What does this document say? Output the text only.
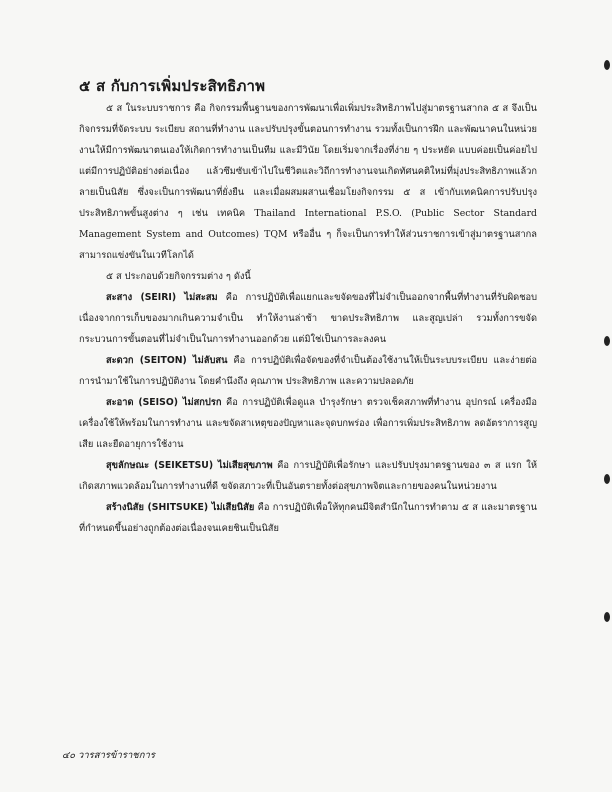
๕ ส กับการเพิ่มประสิทธิภาพ

๕ ส ในระบบราชการ คือ กิจกรรมพื้นฐานของการพัฒนาเพื่อเพิ่มประสิทธิภาพไปสู่มาตรฐานสากล ๕ ส จึงเป็นกิจกรรมที่จัดระบบ ระเบียบ สถานที่ทำงาน และปรับปรุงขั้นตอนการทำงาน รวมทั้งเป็นการฝึก และพัฒนาคนในหน่วยงานให้มีการพัฒนาตนเองให้เกิดการทำงานเป็นทีม และมีวินัย โดยเริ่มจากเรื่องที่ง่าย ๆ ประหยัด แบบค่อยเป็นค่อยไป แต่มีการปฏิบัติอย่างต่อเนื่อง แล้วซึมซับเข้าไปในชีวิตและวิถีการทำงานจนเกิดทัศนคติใหม่ที่มุ่งประสิทธิภาพแล้วกลายเป็นนิสัย ซึ่งจะเป็นการพัฒนาที่ยั่งยืน และเมื่อผสมผสานเชื่อมโยงกิจกรรม ๕ ส เข้ากับเทคนิคการปรับปรุงประสิทธิภาพขั้นสูงต่าง ๆ เช่น เทคนิค Thailand International P.S.O. (Public Sector Standard Management System and Outcomes) TQM หรืออื่น ๆ ก็จะเป็นการทำให้ส่วนราชการเข้าสู่มาตรฐานสากล สามารถแข่งขันในเวทีโลกได้

๕ ส ประกอบด้วยกิจกรรมต่าง ๆ ดังนี้

สะสาง (SEIRI) ไม่สะสม คือ การปฏิบัติเพื่อแยกและขจัดของที่ไม่จำเป็นออกจากพื้นที่ทำงานที่รับผิดชอบ เนื่องจากการเก็บของมากเกินความจำเป็น ทำให้งานล่าช้า ขาดประสิทธิภาพ และสูญเปล่า รวมทั้งการขจัดกระบวนการขั้นตอนที่ไม่จำเป็นในการทำงานออกด้วย แต่มิใช่เป็นการละลงคน

สะดวก (SEITON) ไม่ลับสน คือ การปฏิบัติเพื่อจัดของที่จำเป็นต้องใช้งานให้เป็นระบบระเบียบ และง่ายต่อการนำมาใช้ในการปฏิบัติงาน โดยคำนึงถึง คุณภาพ ประสิทธิภาพ และความปลอดภัย

สะอาด (SEISO) ไม่สกปรก คือ การปฏิบัติเพื่อดูแล บำรุงรักษา ตรวจเช็คสภาพที่ทำงาน อุปกรณ์ เครื่องมือเครื่องใช้ให้พร้อมในการทำงาน และขจัดสาเหตุของปัญหาและจุดบกพร่อง เพื่อการเพิ่มประสิทธิภาพ ลดอัตราการสูญเสีย และยืดอายุการใช้งาน

สุขลักษณะ (SEIKETSU) ไม่เสียสุขภาพ คือ การปฏิบัติเพื่อรักษา และปรับปรุงมาตรฐานของ ๓ ส แรก ให้เกิดสภาพแวดล้อมในการทำงานที่ดี ขจัดสภาวะที่เป็นอันตรายทั้งต่อสุขภาพจิตและกายของคนในหน่วยงาน

สร้างนิสัย (SHITSUKE) ไม่เสียนิสัย คือ การปฏิบัติเพื่อให้ทุกคนมีจิตสำนึกในการทำตาม ๕ ส และมาตรฐานที่กำหนดขึ้นอย่างถูกต้องต่อเนื่องจนเคยชินเป็นนิสัย

๔๐ วารสารข้าราชการ
